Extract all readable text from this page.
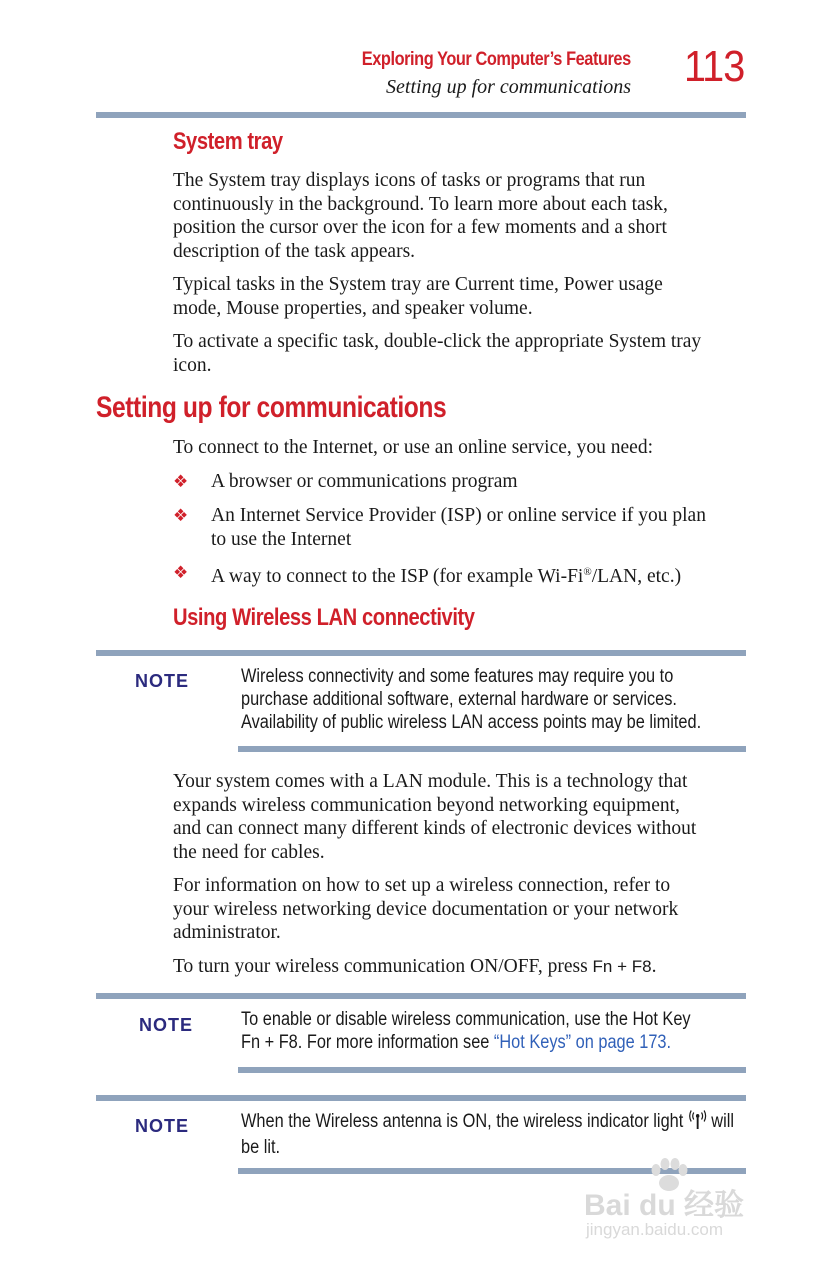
Exploring Your Computer’s Features
Setting up for communications 113
System tray
The System tray displays icons of tasks or programs that run
continuously in the background. To learn more about each task,
position the cursor over the icon for a few moments and a short
description of the task appears.
Typical tasks in the System tray are Current time, Power usage
mode, Mouse properties, and speaker volume.
To activate a specific task, double-click the appropriate System tray
icon.
Setting up for communications
To connect to the Internet, or use an online service, you need:
❖ A browser or communications program
❖ An Internet Service Provider (ISP) or online service if you plan
to use the Internet
❖ A way to connect to the ISP (for example Wi-Fi®/LAN, etc.)
Using Wireless LAN connectivity
NOTE	Wireless connectivity and some features may require you to
purchase additional software, external hardware or services.
Availability of public wireless LAN access points may be limited.
Your system comes with a LAN module. This is a technology that
expands wireless communication beyond networking equipment,
and can connect many different kinds of electronic devices without
the need for cables.
For information on how to set up a wireless connection, refer to
your wireless networking device documentation or your network
administrator.
To turn your wireless communication ON/OFF, press Fn + F8.
NOTE	To enable or disable wireless communication, use the Hot Key
Fn + F8. For more information see “Hot Keys” on page 173.
NOTE	When the Wireless antenna is ON, the wireless indicator light  will
be lit.
Bai du 经验
jingyan.baidu.com
